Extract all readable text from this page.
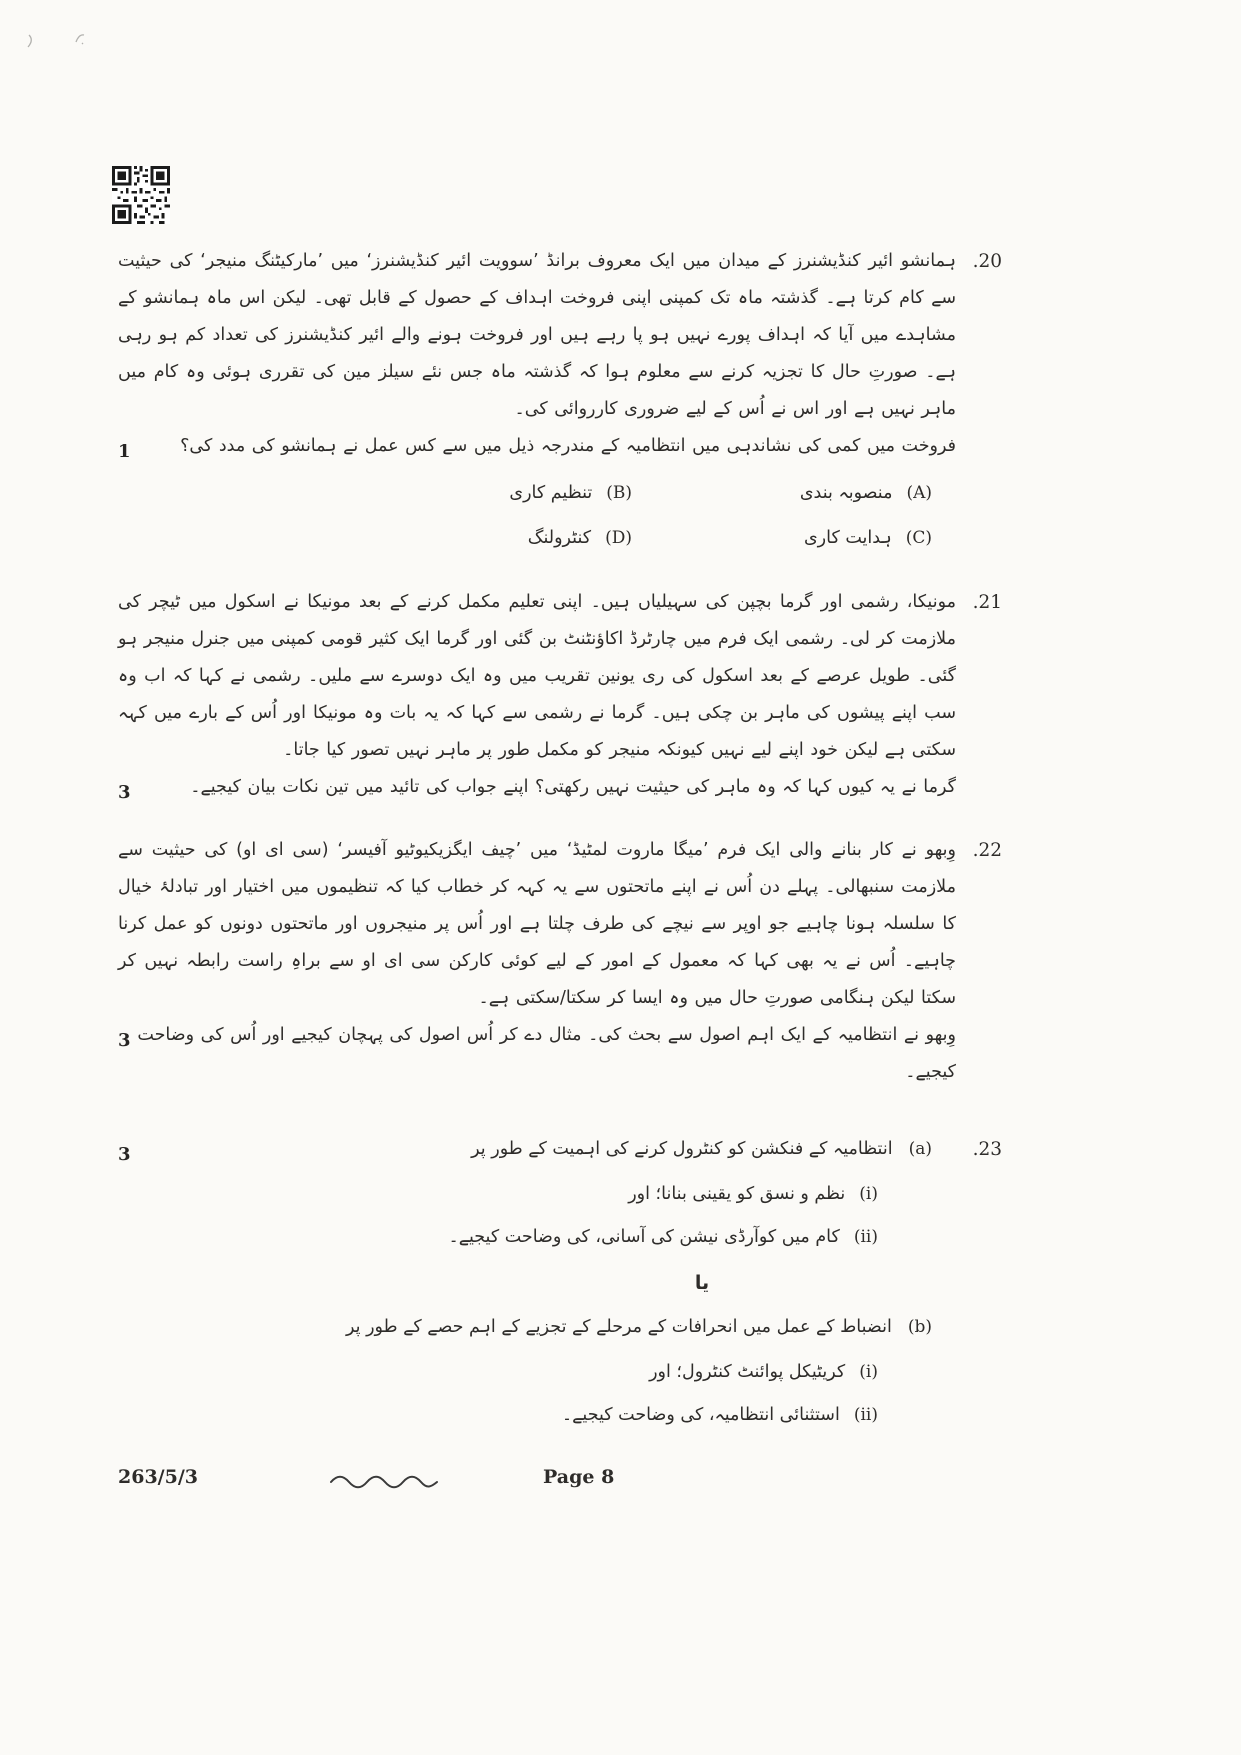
20.

ہمانشو ائیر کنڈیشنرز کے میدان میں ایک معروف برانڈ ’سوویت ائیر کنڈیشنرز‘ میں ’مارکیٹنگ منیجر‘ کی حیثیت سے کام کرتا ہے۔ گذشتہ ماہ تک کمپنی اپنی فروخت اہداف کے حصول کے قابل تھی۔ لیکن اس ماہ ہمانشو کے مشاہدے میں آیا کہ اہداف پورے نہیں ہو پا رہے ہیں اور فروخت ہونے والے ائیر کنڈیشنرز کی تعداد کم ہو رہی ہے۔ صورتِ حال کا تجزیہ کرنے سے معلوم ہوا کہ گذشتہ ماہ جس نئے سیلز مین کی تقرری ہوئی وہ کام میں ماہر نہیں ہے اور اس نے اُس کے لیے ضروری کارروائی کی۔

1	فروخت میں کمی کی نشاندہی میں انتظامیہ کے مندرجہ ذیل میں سے کس عمل نے ہمانشو کی مدد کی؟

(A)
منصوبہ بندی
(B)
تنظیم کاری
(C)
ہدایت کاری
(D)
کنٹرولنگ
21.

مونیکا، رشمی اور گرما بچپن کی سہیلیاں ہیں۔ اپنی تعلیم مکمل کرنے کے بعد مونیکا نے اسکول میں ٹیچر کی ملازمت کر لی۔ رشمی ایک فرم میں چارٹرڈ اکاؤنٹنٹ بن گئی اور گرما ایک کثیر قومی کمپنی میں جنرل منیجر ہو گئی۔ طویل عرصے کے بعد اسکول کی ری یونین تقریب میں وہ ایک دوسرے سے ملیں۔ رشمی نے کہا کہ اب وہ سب اپنے پیشوں کی ماہر بن چکی ہیں۔ گرما نے رشمی سے کہا کہ یہ بات وہ مونیکا اور اُس کے بارے میں کہہ سکتی ہے لیکن خود اپنے لیے نہیں کیونکہ منیجر کو مکمل طور پر ماہر نہیں تصور کیا جاتا۔

3	گرما نے یہ کیوں کہا کہ وہ ماہر کی حیثیت نہیں رکھتی؟ اپنے جواب کی تائید میں تین نکات بیان کیجیے۔

22.

وِبھو نے کار بنانے والی ایک فرم ’میگا ماروت لمٹیڈ‘ میں ’چیف ایگزیکیوٹیو آفیسر‘ (سی ای او) کی حیثیت سے ملازمت سنبھالی۔ پہلے دن اُس نے اپنے ماتحتوں سے یہ کہہ کر خطاب کیا کہ تنظیموں میں اختیار اور تبادلۂ خیال کا سلسلہ ہونا چاہیے جو اوپر سے نیچے کی طرف چلتا ہے اور اُس پر منیجروں اور ماتحتوں دونوں کو عمل کرنا چاہیے۔ اُس نے یہ بھی کہا کہ معمول کے امور کے لیے کوئی کارکن سی ای او سے براہِ راست رابطہ نہیں کر سکتا لیکن ہنگامی صورتِ حال میں وہ ایسا کر سکتا/سکتی ہے۔

3 وِبھو نے انتظامیہ کے ایک اہم اصول سے بحث کی۔ مثال دے کر اُس اصول کی پہچان کیجیے اور اُس کی وضاحت کیجیے۔

23.
3	(a)
انتظامیہ کے فنکشن کو کنٹرول کرنے کی اہمیت کے طور پر
(i)
نظم و نسق کو یقینی بنانا؛ اور
(ii)
کام میں کوآرڈی نیشن کی آسانی، کی وضاحت کیجیے۔
یا
(b)
انضباط کے عمل میں انحرافات کے مرحلے کے تجزیے کے اہم حصے کے طور پر
(i)
کریٹیکل پوائنٹ کنٹرول؛ اور
(ii)
استثنائی انتظامیہ، کی وضاحت کیجیے۔
263/5/3	Page 8
